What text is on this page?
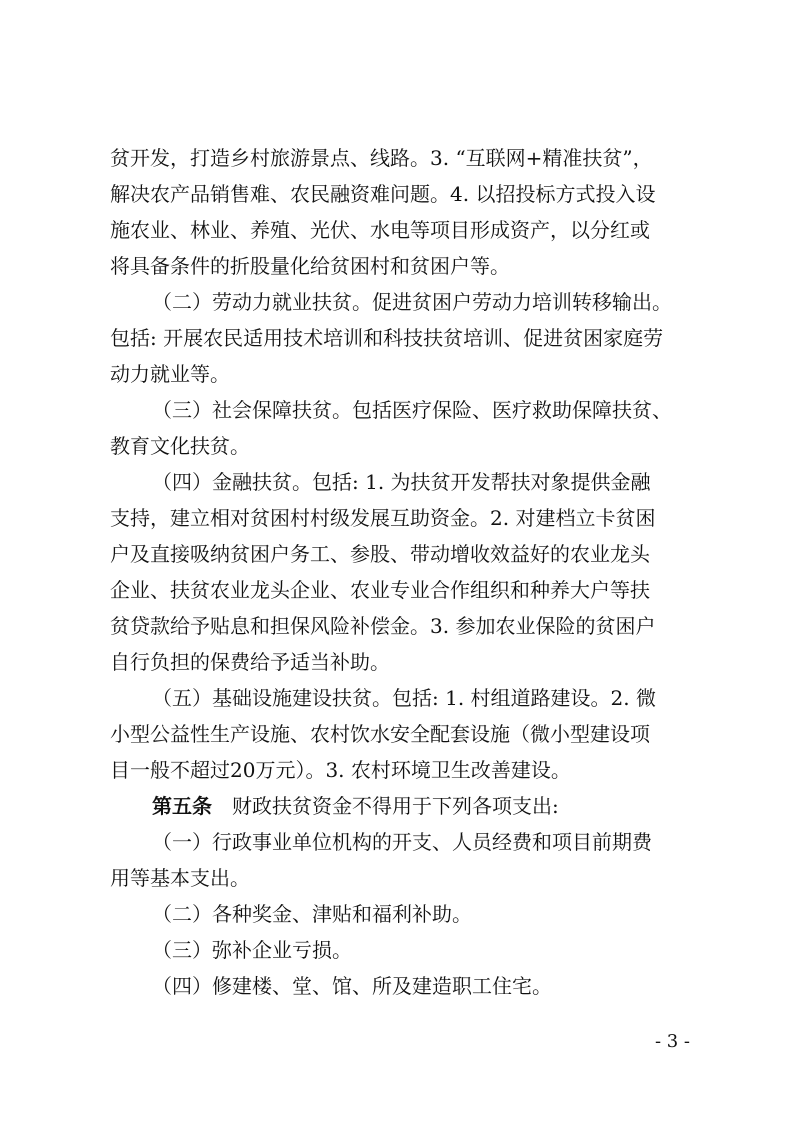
贫开发，打造乡村旅游景点、线路。3. “互联网+精准扶贫”，
解决农产品销售难、农民融资难问题。4. 以招投标方式投入设
施农业、林业、养殖、光伏、水电等项目形成资产，以分红或
将具备条件的折股量化给贫困村和贫困户等。
（二）劳动力就业扶贫。促进贫困户劳动力培训转移输出。
包括: 开展农民适用技术培训和科技扶贫培训、促进贫困家庭劳
动力就业等。
（三）社会保障扶贫。包括医疗保险、医疗救助保障扶贫、
教育文化扶贫。
（四）金融扶贫。包括: 1. 为扶贫开发帮扶对象提供金融
支持，建立相对贫困村村级发展互助资金。2. 对建档立卡贫困
户及直接吸纳贫困户务工、参股、带动增收效益好的农业龙头
企业、扶贫农业龙头企业、农业专业合作组织和种养大户等扶
贫贷款给予贴息和担保风险补偿金。3. 参加农业保险的贫困户
自行负担的保费给予适当补助。
（五）基础设施建设扶贫。包括: 1. 村组道路建设。2. 微
小型公益性生产设施、农村饮水安全配套设施（微小型建设项
目一般不超过20万元）。3. 农村环境卫生改善建设。
第五条 财政扶贫资金不得用于下列各项支出:
（一）行政事业单位机构的开支、人员经费和项目前期费
用等基本支出。
（二）各种奖金、津贴和福利补助。
（三）弥补企业亏损。
（四）修建楼、堂、馆、所及建造职工住宅。
- 3 -
